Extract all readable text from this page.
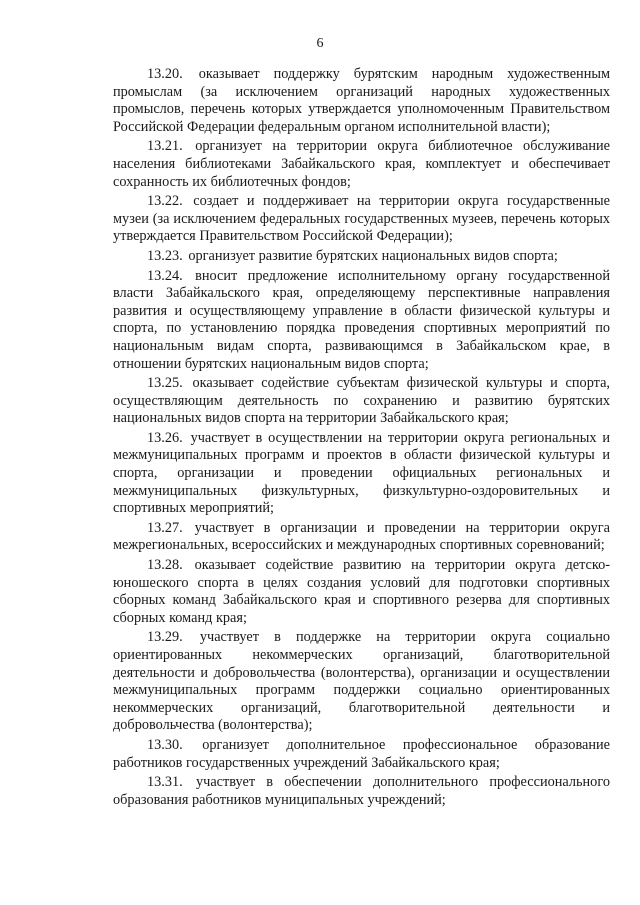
6

13.20. оказывает поддержку бурятским народным художественным промыслам (за исключением организаций народных художественных промыслов, перечень которых утверждается уполномоченным Правительством Российской Федерации федеральным органом исполнительной власти);

13.21. организует на территории округа библиотечное обслуживание населения библиотеками Забайкальского края, комплектует и обеспечивает сохранность их библиотечных фондов;

13.22. создает и поддерживает на территории округа государственные музеи (за исключением федеральных государственных музеев, перечень которых утверждается Правительством Российской Федерации);

13.23. организует развитие бурятских национальных видов спорта;

13.24. вносит предложение исполнительному органу государственной власти Забайкальского края, определяющему перспективные направления развития и осуществляющему управление в области физической культуры и спорта, по установлению порядка проведения спортивных мероприятий по национальным видам спорта, развивающимся в Забайкальском крае, в отношении бурятских национальным видов спорта;

13.25. оказывает содействие субъектам физической культуры и спорта, осуществляющим деятельность по сохранению и развитию бурятских национальных видов спорта на территории Забайкальского края;

13.26. участвует в осуществлении на территории округа региональных и межмуниципальных программ и проектов в области физической культуры и спорта, организации и проведении официальных региональных и межмуниципальных физкультурных, физкультурно-оздоровительных и спортивных мероприятий;

13.27. участвует в организации и проведении на территории округа межрегиональных, всероссийских и международных спортивных соревнований;

13.28. оказывает содействие развитию на территории округа детско-юношеского спорта в целях создания условий для подготовки спортивных сборных команд Забайкальского края и спортивного резерва для спортивных сборных команд края;

13.29. участвует в поддержке на территории округа социально ориентированных некоммерческих организаций, благотворительной деятельности и добровольчества (волонтерства), организации и осуществлении межмуниципальных программ поддержки социально ориентированных некоммерческих организаций, благотворительной деятельности и добровольчества (волонтерства);

13.30. организует дополнительное профессиональное образование работников государственных учреждений Забайкальского края;

13.31. участвует в обеспечении дополнительного профессионального образования работников муниципальных учреждений;
